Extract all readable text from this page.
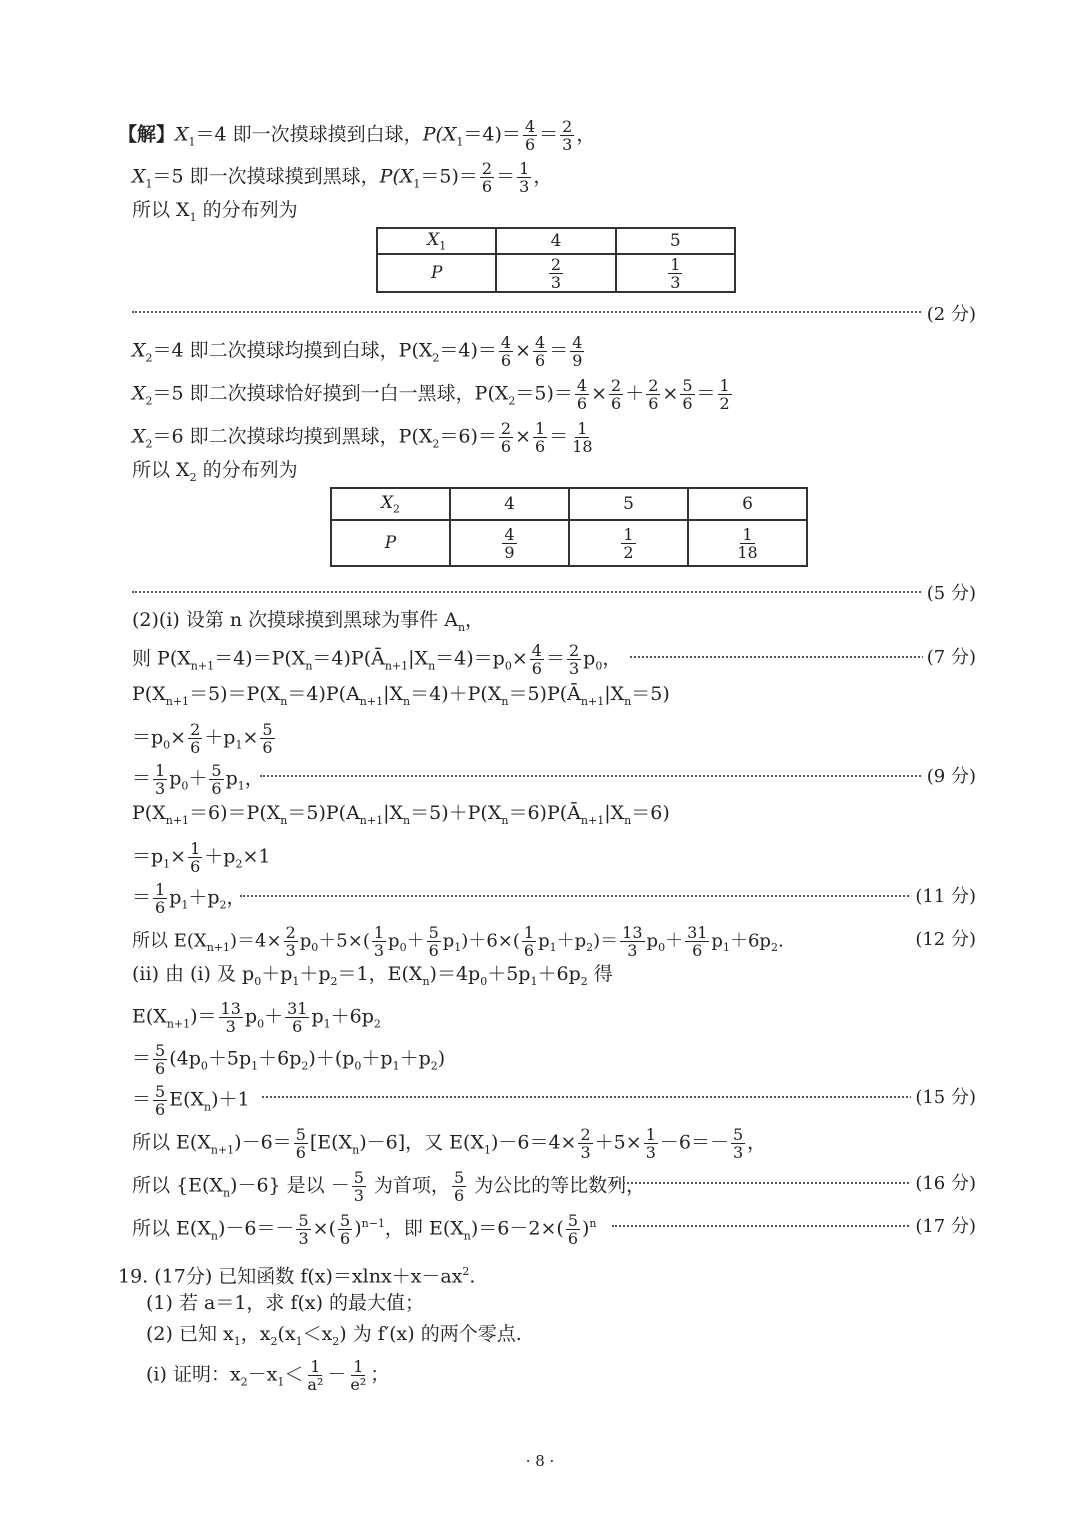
【解】$X_1=4$ 即一次摸球摸到白球，$P(X_1=4)= \frac{4}{6} = \frac{2}{3}$ ，
$X_1=5$ 即一次摸球摸到黑球，$P(X_1=5)= \frac{2}{6} = \frac{1}{3}$ ，
所以 $X_1$ 的分布列为
$X_1$	4	5
P	$\frac{2}{3}$	$\frac{1}{3}$
(2 分)
$X_2=4$ 即二次摸球均摸到白球，$P(X_2=4)= \frac{4}{6} \times \frac{4}{6} = \frac{4}{9}$
$X_2=5$ 即二次摸球恰好摸到一白一黑球，$P(X_2=5)= \frac{4}{6} \times \frac{2}{6} + \frac{2}{6} \times \frac{5}{6} = \frac{1}{2}$
$X_2=6$ 即二次摸球均摸到黑球，$P(X_2=6)= \frac{2}{6} \times \frac{1}{6} = \frac{1}{18}$
所以 $X_2$ 的分布列为
$X_2$	4	5	6
P	$\frac{4}{9}$	$\frac{1}{2}$	$\frac{1}{18}$
(5 分)
(2)(i) 设第 n 次摸球摸到黑球为事件 $A_n$，
则 $P(X_{n+1}=4)=P(X_n=4)P(Ā_{n+1}|X_n=4)=p_0\times \frac{4}{6} = \frac{2}{3} p_0$，	(7 分)
$P(X_{n+1}=5)=P(X_n=4)P(A_{n+1}|X_n=4)+P(X_n=5)P(Ā_{n+1}|X_n=5)$
$=p_0\times \frac{2}{6} +p_1\times \frac{5}{6}$
＝ $\frac{1}{3} p_0+ \frac{5}{6} p_1$，	(9 分)
$P(X_{n+1}=6)=P(X_n=5)P(A_{n+1}|X_n=5)+P(X_n=6)P(Ā_{n+1}|X_n=6)$
$=p_1\times \frac{1}{6} +p_2\times 1$
＝ $\frac{1}{6} p_1+p_2$，	(11 分)
所以 $E(X_{n+1})=4\times \frac{2}{3} p_0+5\times( \frac{1}{3} p_0+ \frac{5}{6} p_1)+6\times( \frac{1}{6} p_1+p_2)= \frac{13}{3} p_0+ \frac{31}{6} p_1+6p_2$.	(12 分)
(ii) 由 (i) 及 $p_0+p_1+p_2=1$，$E(X_n)=4p_0+5p_1+6p_2$ 得
$E(X_{n+1})= \frac{13}{3} p_0+ \frac{31}{6} p_1+6p_2$
＝ $\frac{5}{6} (4p_0+5p_1+6p_2)+(p_0+p_1+p_2)$
＝ $\frac{5}{6} E(X_n)+1$	(15 分)
所以 $E(X_{n+1})-6= \frac{5}{6} [E(X_n)-6]$，又 $E(X_1)-6=4\times \frac{2}{3} +5\times \frac{1}{3} -6=- \frac{5}{3}$ ，
所以 $\{E(X_n)-6\}$ 是以 － $\frac{5}{3}$ 为首项， $\frac{5}{6}$ 为公比的等比数列，	(16 分)
所以 $E(X_n)-6=- \frac{5}{3}$ ×( $\frac{5}{6} )^{n-1}$，即 $E(X_n)=6-2\times( \frac{5}{6} )^n$	(17 分)
19. (17分) 已知函数 $f(x)=xlnx+x-ax^2$.
(1) 若 a＝1，求 f(x) 的最大值；
(2) 已知 $x_1$，$x_2(x_1<x_2)$ 为 f′(x) 的两个零点.
(i) 证明：$x_2-x_1< \frac{1}{\text{a²}} - \frac{1}{\text{e²}}$ ；
· 8 ·
